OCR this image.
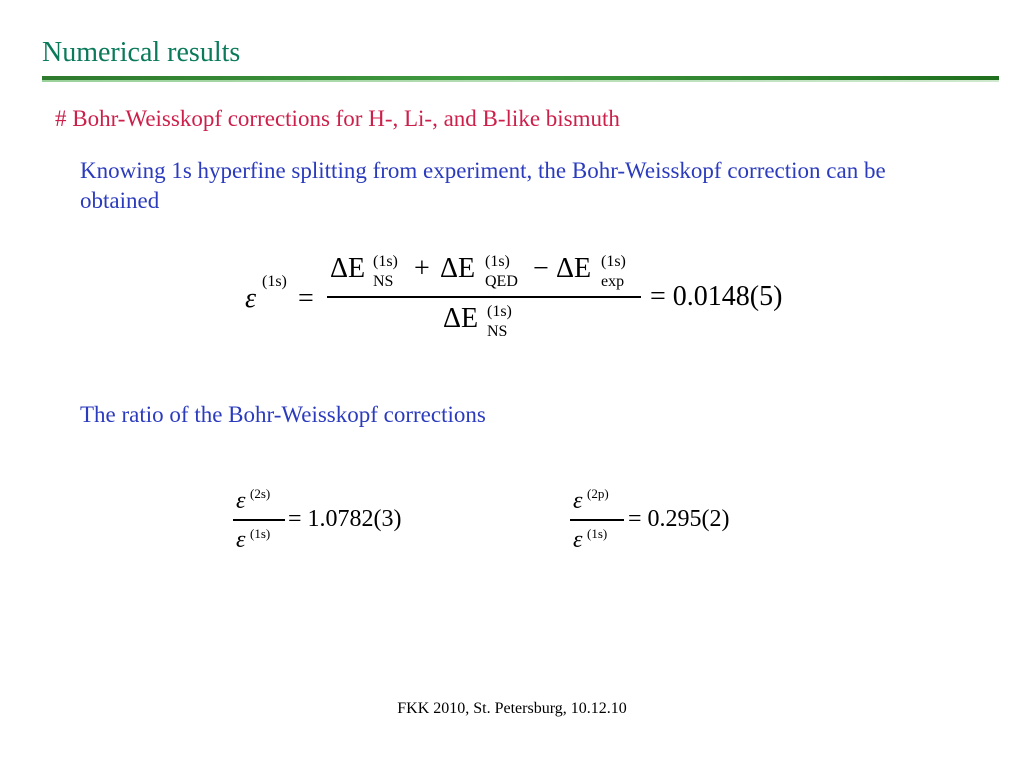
Numerical results
# Bohr-Weisskopf corrections for H-, Li-, and B-like bismuth
Knowing 1s hyperfine splitting from experiment, the Bohr-Weisskopf correction can be obtained
ε
(1s)
=
ΔE (1s)
NS + ΔE (1s)
QED − ΔE (1s)
exp
ΔE (1s)
NS
= 0.0148(5)
The ratio of the Bohr-Weisskopf corrections
ε (2s)
ε (1s)
= 1.0782(3)
ε (2p)
ε (1s)
= 0.295(2)
FKK 2010, St. Petersburg, 10.12.10
